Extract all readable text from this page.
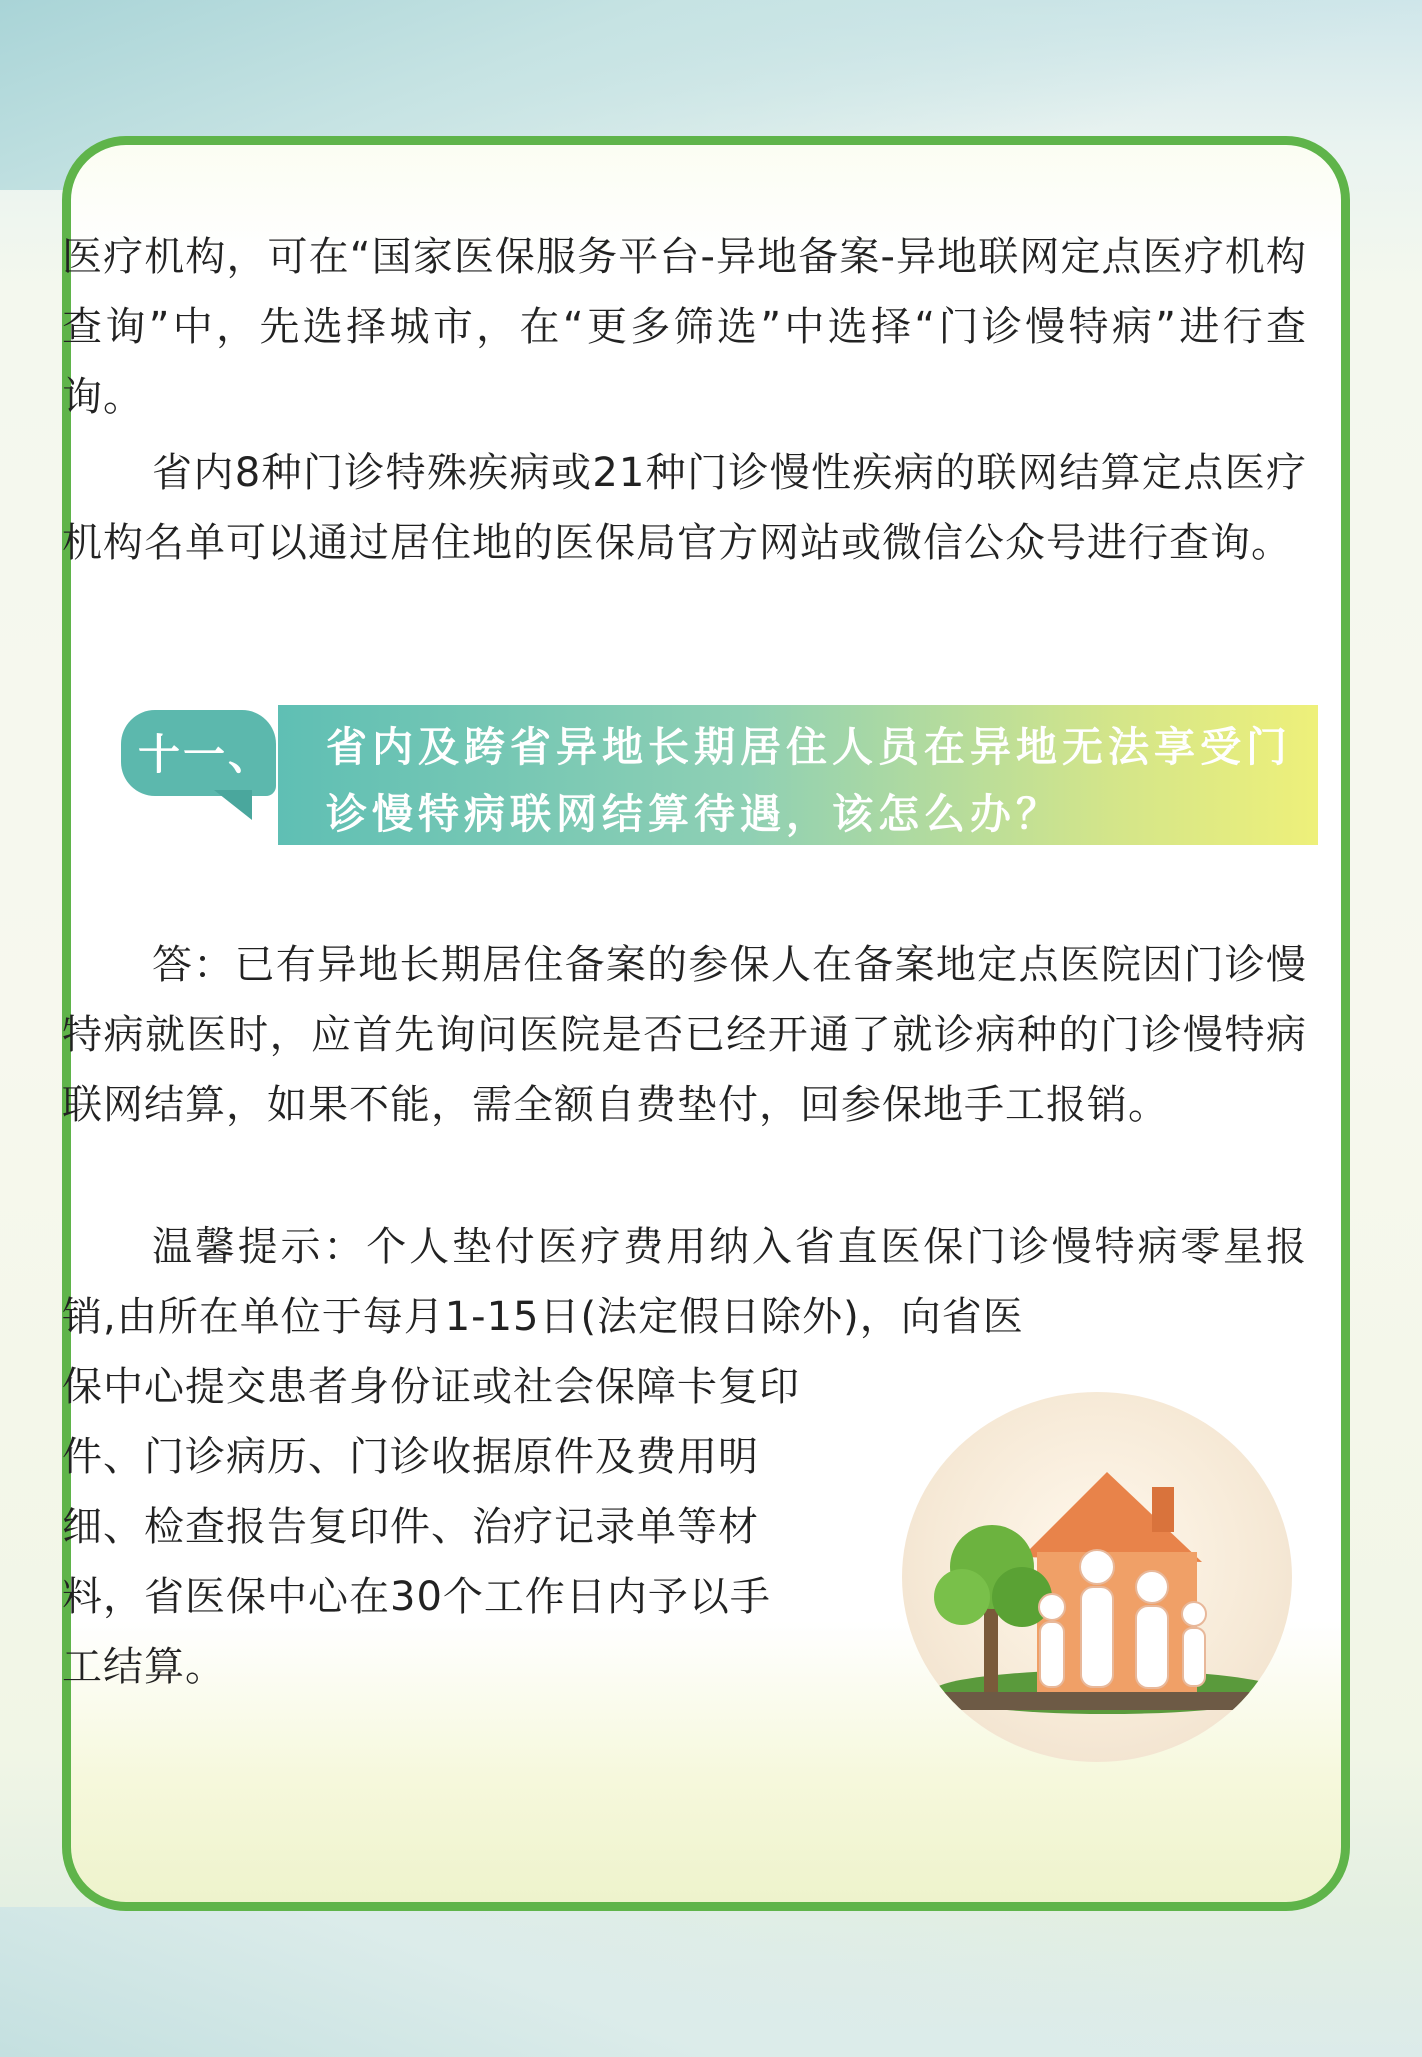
医疗机构，可在“国家医保服务平台-异地备案-异地联网定点医疗机构查询”中，先选择城市，在“更多筛选”中选择“门诊慢特病”进行查询。
省内8种门诊特殊疾病或21种门诊慢性疾病的联网结算定点医疗机构名单可以通过居住地的医保局官方网站或微信公众号进行查询。
十一、 省内及跨省异地长期居住人员在异地无法享受门诊慢特病联网结算待遇，该怎么办？
答：已有异地长期居住备案的参保人在备案地定点医院因门诊慢特病就医时，应首先询问医院是否已经开通了就诊病种的门诊慢特病联网结算，如果不能，需全额自费垫付，回参保地手工报销。
温馨提示：个人垫付医疗费用纳入省直医保门诊慢特病零星报销,由所在单位于每月1-15日(法定假日除外)，向省医
保中心提交患者身份证或社会保障卡复印
件、门诊病历、门诊收据原件及费用明
细、检查报告复印件、治疗记录单等材
料，省医保中心在30个工作日内予以手
工结算。
